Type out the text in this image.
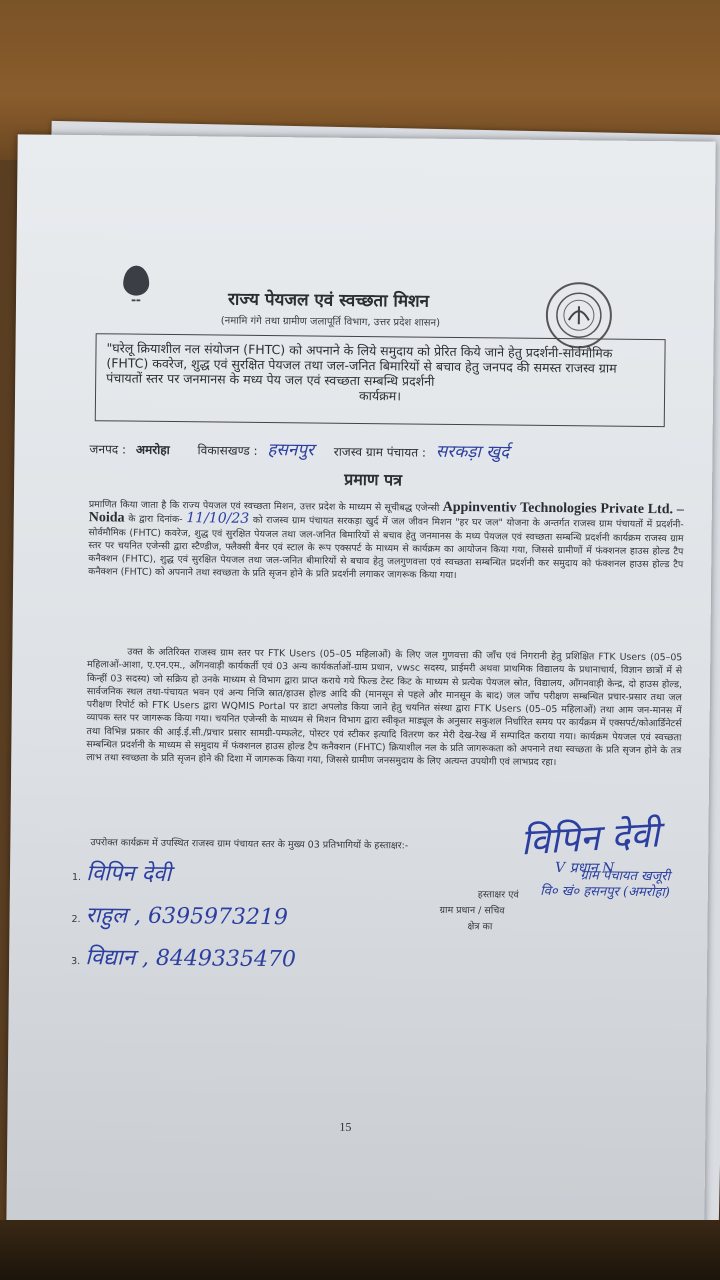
▬▬	राज्य पेयजल एवं स्वच्छता मिशन
(नमामि गंगे तथा ग्रामीण जलापूर्ति विभाग, उत्तर प्रदेश शासन)
"घरेलू क्रियाशील नल संयोजन (FHTC) को अपनाने के लिये समुदाय को प्रेरित किये जाने हेतु प्रदर्शनी-सोर्वमौमिक (FHTC) कवरेज, शुद्ध एवं सुरक्षित पेयजल तथा जल-जनित बिमारियों से बचाव हेतु जनपद की समस्त राजस्व ग्राम पंचायतों स्तर पर जनमानस के मध्य पेय जल एवं स्वच्छता सम्बन्धि प्रदर्शनी
कार्यक्रम।
जनपद : अमरोहा विकासखण्ड : हसनपुर राजस्व ग्राम पंचायत : सरकड़ा खुर्द
प्रमाण पत्र
प्रमाणित किया जाता है कि राज्य पेयजल एवं स्वच्छता मिशन, उत्तर प्रदेश के माध्यम से सूचीबद्ध एजेन्सी Appinventiv Technologies Private Ltd. – Noida के द्वारा दिनांक- 11/10/23 को राजस्व ग्राम पंचायत सरकड़ा खुर्द में जल जीवन मिशन "हर घर जल" योजना के अन्तर्गत राजस्व ग्राम पंचायतों में प्रदर्शनी-सोर्वमौमिक (FHTC) कवरेज, शुद्ध एवं सुरक्षित पेयजल तथा जल-जनित बिमारियों से बचाव हेतु जनमानस के मध्य पेयजल एवं स्वच्छता सम्बन्धि प्रदर्शनी कार्यक्रम राजस्व ग्राम स्तर पर चयनित एजेन्सी द्वारा स्टैण्डीज, फ्लैक्सी बैनर एवं स्टाल के रूप एक्सपर्ट के माध्यम से कार्यक्रम का आयोजन किया गया, जिससे ग्रामीणों में फंक्शनल हाउस होल्ड टैप कनैक्शन (FHTC), शुद्ध एवं सुरक्षित पेयजल तथा जल-जनित बीमारियों से बचाव हेतु जलगुणवत्ता एवं स्वच्छता सम्बन्धित प्रदर्शनी कर समुदाय को फंक्शनल हाउस होल्ड टैप कनैक्शन (FHTC) को अपनाने तथा स्वच्छता के प्रति सृजन होने के प्रति प्रदर्शनी लगाकर जागरूक किया गया।
उक्त के अतिरिक्त राजस्व ग्राम स्तर पर FTK Users (05–05 महिलाओं) के लिए जल गुणवत्ता की जाँच एवं निगरानी हेतु प्रशिक्षित FTK Users (05–05 महिलाओं-आशा, ए.एन.एम., आँगनवाड़ी कार्यकर्ती एवं 03 अन्य कार्यकर्ताओं-ग्राम प्रधान, vwsc सदस्य, प्राईमरी अथवा प्राथमिक विद्यालय के प्रधानाचार्य, विज्ञान छात्रों में से किन्हीं 03 सदस्य) जो सक्रिय हो उनके माध्यम से विभाग द्वारा प्राप्त कराये गये फिल्ड टेस्ट किट के माध्यम से प्रत्येक पेयजल स्रोत, विद्यालय, आँगनवाड़ी केन्द्र, दो हाउस होल्ड, सार्वजनिक स्थल तथा-पंचायत भवन एवं अन्य निजि स्रात/हाउस होल्ड आदि की (मानसून से पहले और मानसून के बाद) जल जाँच परीक्षण सम्बन्धित प्रचार-प्रसार तथा जल परीक्षण रिपोर्ट को FTK Users द्वारा WQMIS Portal पर डाटा अपलोड किया जाने हेतु चयनित संस्था द्वारा FTK Users (05–05 महिलाओं) तथा आम जन-मानस में व्यापक स्तर पर जागरूक किया गया। चयनित एजेन्सी के माध्यम से मिशन विभाग द्वारा स्वीकृत माड्यूल के अनुसार सकुशल निर्धारित समय पर कार्यक्रम में एक्सपर्ट/कोआर्डिनेटर्स तथा विभिन्न प्रकार की आई.ई.सी./प्रचार प्रसार सामग्री-पम्फलेट, पोस्टर एवं स्टीकर इत्यादि वितरण कर मेरी देख-रेख में सम्पादित कराया गया। कार्यक्रम पेयजल एवं स्वच्छता सम्बन्धित प्रदर्शनी के माध्यम से समुदाय में फंक्शनल हाउस होल्ड टैप कनैक्शन (FHTC) क्रियाशील नल के प्रति जागरूकता को अपनाने तथा स्वच्छता के प्रति सृजन होने के तत्र लाभ तथा स्वच्छता के प्रति सृजन होने की दिशा में जागरूक किया गया, जिससे ग्रामीण जनसमुदाय के लिए अत्यन्त उपयोगी एवं लाभप्रद रहा।
उपरोक्त कार्यक्रम में उपस्थित राजस्व ग्राम पंचायत स्तर के मुख्य 03 प्रतिभागियों के हस्ताक्षर:-
1. विपिन देवी
2. राहुल , 6395973219
3. विद्यान , 8449335470
विपिन देवी
V प्रधान N
हस्ताक्षर एवं
ग्राम प्रधान / सचिव
क्षेत्र का
ग्राम पंचायत खजूरी
वि० खं० हसनपुर (अमरोहा)
15
